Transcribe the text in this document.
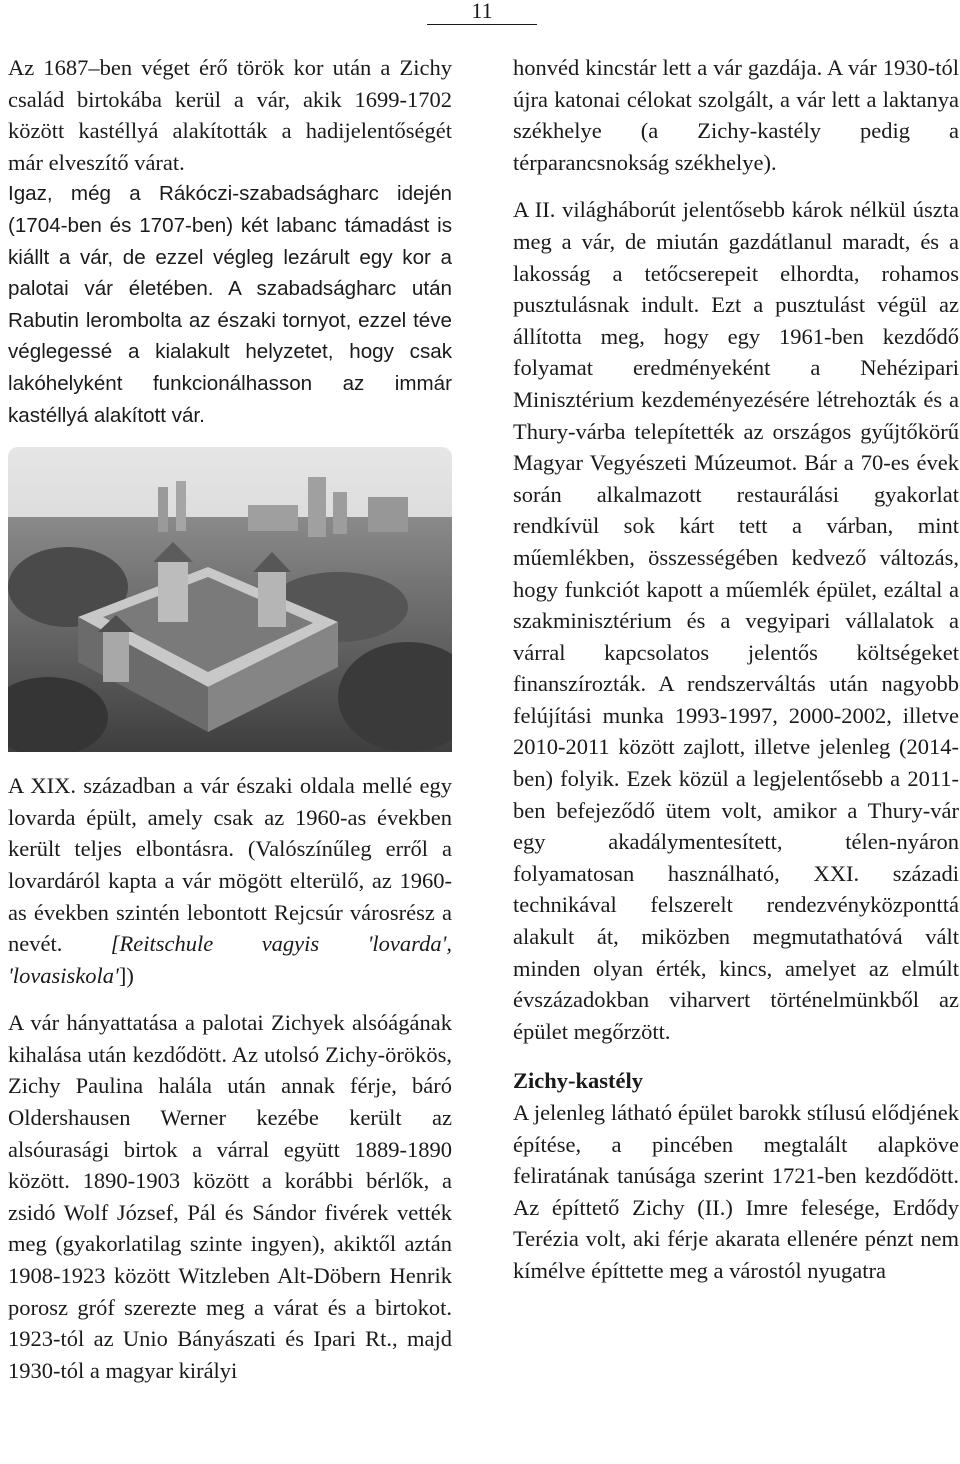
11

Az 1687–ben véget érő török kor után a Zichy család birtokába kerül a vár, akik 1699-1702 között kastéllyá alakították a hadijelentőségét már elveszítő várat.

Igaz, még a Rákóczi-szabadságharc idején (1704-ben és 1707-ben) két labanc támadást is kiállt a vár, de ezzel végleg lezárult egy kor a palotai vár életében. A szabadságharc után Rabutin lerombolta az északi tornyot, ezzel téve véglegessé a kialakult helyzetet, hogy csak lakóhelyként funkcionálhasson az immár kastéllyá alakított vár.

A XIX. században a vár északi oldala mellé egy lovarda épült, amely csak az 1960-as években került teljes elbontásra. (Valószínűleg erről a lovardáról kapta a vár mögött elterülő, az 1960-as években szintén lebontott Rejcsúr városrész a nevét. [Reitschule vagyis 'lovarda', 'lovasiskola'])

A vár hányattatása a palotai Zichyek alsóágának kihalása után kezdődött. Az utolsó Zichy-örökös, Zichy Paulina halála után annak férje, báró Oldershausen Werner kezébe került az alsóurasági birtok a várral együtt 1889-1890 között. 1890-1903 között a korábbi bérlők, a zsidó Wolf József, Pál és Sándor fivérek vették meg (gyakorlatilag szinte ingyen), akiktől aztán 1908-1923 között Witzleben Alt-Döbern Henrik porosz gróf szerezte meg a várat és a birtokot. 1923-tól az Unio Bányászati és Ipari Rt., majd 1930-tól a magyar királyi

honvéd kincstár lett a vár gazdája. A vár 1930-tól újra katonai célokat szolgált, a vár lett a laktanya székhelye (a Zichy-kastély pedig a térparancsnokság székhelye).

A II. világháborút jelentősebb károk nélkül úszta meg a vár, de miután gazdátlanul maradt, és a lakosság a tetőcserepeit elhordta, rohamos pusztulásnak indult. Ezt a pusztulást végül az állította meg, hogy egy 1961-ben kezdődő folyamat eredményeként a Nehézipari Minisztérium kezdeményezésére létrehozták és a Thury-várba telepítették az országos gyűjtőkörű Magyar Vegyészeti Múzeumot. Bár a 70-es évek során alkalmazott restaurálási gyakorlat rendkívül sok kárt tett a várban, mint műemlékben, összességében kedvező változás, hogy funkciót kapott a műemlék épület, ezáltal a szakminisztérium és a vegyipari vállalatok a várral kapcsolatos jelentős költségeket finanszírozták. A rendszerváltás után nagyobb felújítási munka 1993-1997, 2000-2002, illetve 2010-2011 között zajlott, illetve jelenleg (2014-ben) folyik. Ezek közül a legjelentősebb a 2011-ben befejeződő ütem volt, amikor a Thury-vár egy akadálymentesített, télen-nyáron folyamatosan használható, XXI. századi technikával felszerelt rendezvényközponttá alakult át, miközben megmutathatóvá vált minden olyan érték, kincs, amelyet az elmúlt évszázadokban viharvert történelmünkből az épület megőrzött.

Zichy-kastély

A jelenleg látható épület barokk stílusú elődjének építése, a pincében megtalált alapköve feliratának tanúsága szerint 1721-ben kezdődött. Az építtető Zichy (II.) Imre felesége, Erdődy Terézia volt, aki férje akarata ellenére pénzt nem kímélve építtette meg a várostól nyugatra
